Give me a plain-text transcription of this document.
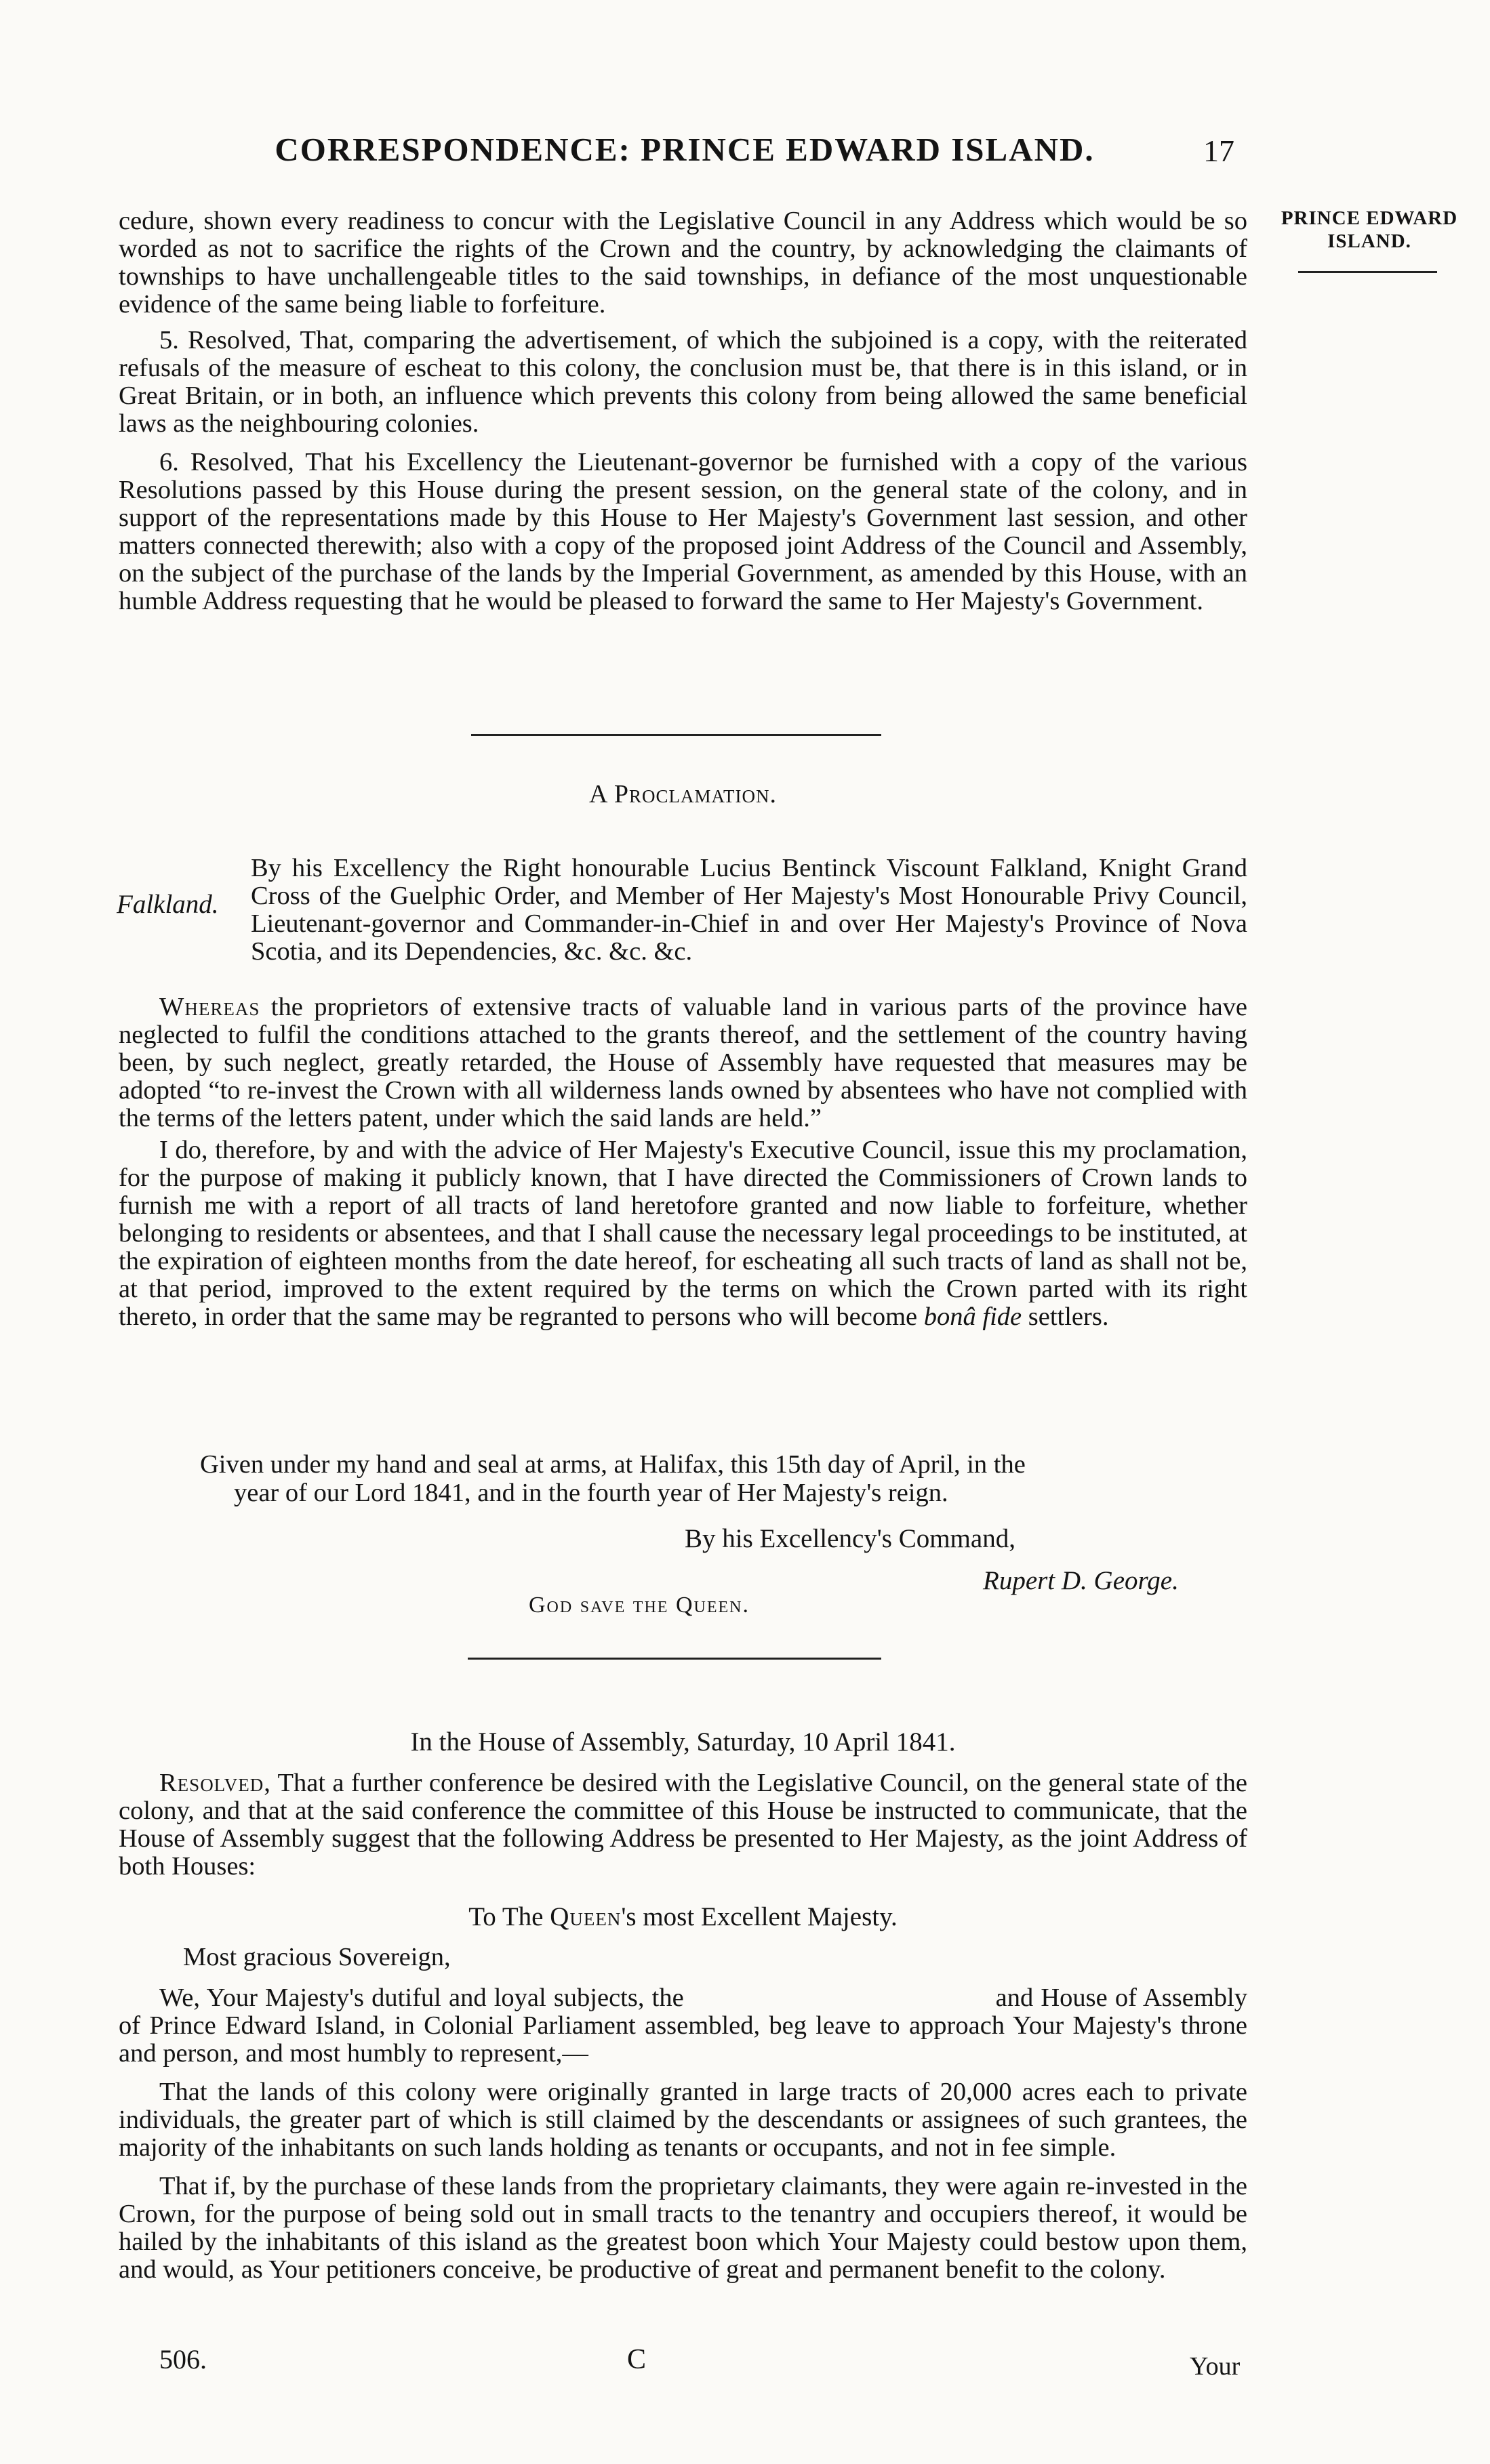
CORRESPONDENCE: PRINCE EDWARD ISLAND.	17
PRINCE EDWARD
ISLAND.

cedure, shown every readiness to concur with the Legislative Council in any Address which would be so worded as not to sacrifice the rights of the Crown and the country, by acknowledging the claimants of townships to have unchallengeable titles to the said townships, in defiance of the most unquestionable evidence of the same being liable to forfeiture.

5. Resolved, That, comparing the advertisement, of which the subjoined is a copy, with the reiterated refusals of the measure of escheat to this colony, the conclusion must be, that there is in this island, or in Great Britain, or in both, an influence which prevents this colony from being allowed the same beneficial laws as the neighbouring colonies.

6. Resolved, That his Excellency the Lieutenant-governor be furnished with a copy of the various Resolutions passed by this House during the present session, on the general state of the colony, and in support of the representations made by this House to Her Majesty's Government last session, and other matters connected therewith; also with a copy of the proposed joint Address of the Council and Assembly, on the subject of the purchase of the lands by the Imperial Government, as amended by this House, with an humble Address requesting that he would be pleased to forward the same to Her Majesty's Government.

A Proclamation.
Falkland.

By his Excellency the Right honourable Lucius Bentinck Viscount Falkland, Knight Grand Cross of the Guelphic Order, and Member of Her Majesty's Most Honourable Privy Council, Lieutenant-governor and Commander-in-Chief in and over Her Majesty's Province of Nova Scotia, and its Dependencies, &c. &c. &c.

Whereas the proprietors of extensive tracts of valuable land in various parts of the province have neglected to fulfil the conditions attached to the grants thereof, and the settlement of the country having been, by such neglect, greatly retarded, the House of Assembly have requested that measures may be adopted “to re-invest the Crown with all wilderness lands owned by absentees who have not complied with the terms of the letters patent, under which the said lands are held.”

I do, therefore, by and with the advice of Her Majesty's Executive Council, issue this my proclamation, for the purpose of making it publicly known, that I have directed the Commissioners of Crown lands to furnish me with a report of all tracts of land heretofore granted and now liable to forfeiture, whether belonging to residents or absentees, and that I shall cause the necessary legal proceedings to be instituted, at the expiration of eighteen months from the date hereof, for escheating all such tracts of land as shall not be, at that period, improved to the extent required by the terms on which the Crown parted with its right thereto, in order that the same may be regranted to persons who will become bonâ fide settlers.

Given under my hand and seal at arms, at Halifax, this 15th day of April, in the
year of our Lord 1841, and in the fourth year of Her Majesty's reign.
By his Excellency's Command,
Rupert D. George.
God save the Queen.
In the House of Assembly, Saturday, 10 April 1841.

Resolved, That a further conference be desired with the Legislative Council, on the general state of the colony, and that at the said conference the committee of this House be instructed to communicate, that the House of Assembly suggest that the following Address be presented to Her Majesty, as the joint Address of both Houses:

To The Queen's most Excellent Majesty.
Most gracious Sovereign,

We, Your Majesty's dutiful and loyal subjects, the	and House of Assembly of Prince Edward Island, in Colonial Parliament assembled, beg leave to approach Your Majesty's throne and person, and most humbly to represent,—

That the lands of this colony were originally granted in large tracts of 20,000 acres each to private individuals, the greater part of which is still claimed by the descendants or assignees of such grantees, the majority of the inhabitants on such lands holding as tenants or occupants, and not in fee simple.

That if, by the purchase of these lands from the proprietary claimants, they were again re-invested in the Crown, for the purpose of being sold out in small tracts to the tenantry and occupiers thereof, it would be hailed by the inhabitants of this island as the greatest boon which Your Majesty could bestow upon them, and would, as Your petitioners conceive, be productive of great and permanent benefit to the colony.

506.	C	Your
